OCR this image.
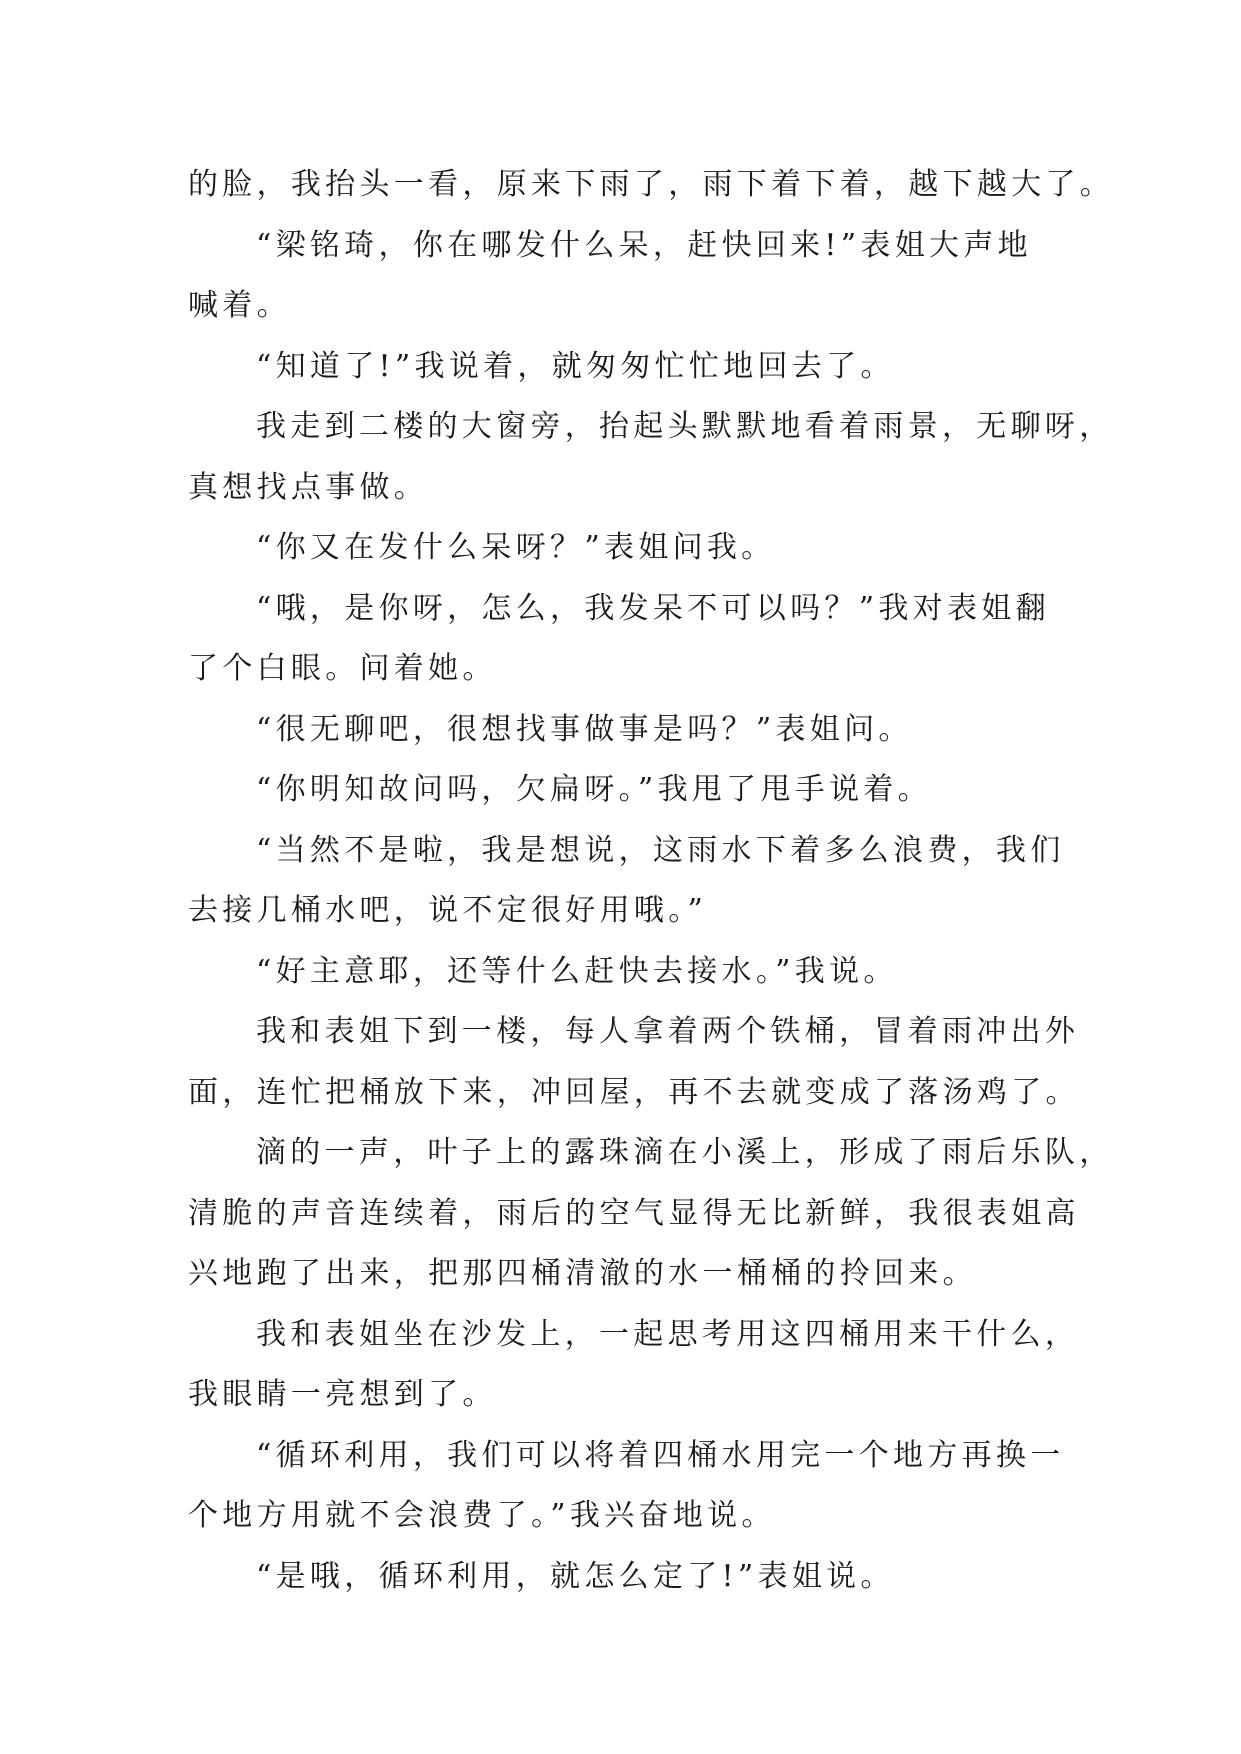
的脸，我抬头一看，原来下雨了，雨下着下着，越下越大了。
“梁铭琦，你在哪发什么呆，赶快回来!”表姐大声地
喊着。
“知道了!”我说着，就匆匆忙忙地回去了。
我走到二楼的大窗旁，抬起头默默地看着雨景，无聊呀，
真想找点事做。
“你又在发什么呆呀？”表姐问我。
“哦，是你呀，怎么，我发呆不可以吗？”我对表姐翻
了个白眼。问着她。
“很无聊吧，很想找事做事是吗？”表姐问。
“你明知故问吗，欠扁呀。”我甩了甩手说着。
“当然不是啦，我是想说，这雨水下着多么浪费，我们
去接几桶水吧，说不定很好用哦。”
“好主意耶，还等什么赶快去接水。”我说。
我和表姐下到一楼，每人拿着两个铁桶，冒着雨冲出外
面，连忙把桶放下来，冲回屋，再不去就变成了落汤鸡了。
滴的一声，叶子上的露珠滴在小溪上，形成了雨后乐队，
清脆的声音连续着，雨后的空气显得无比新鲜，我很表姐高
兴地跑了出来，把那四桶清澈的水一桶桶的拎回来。
我和表姐坐在沙发上，一起思考用这四桶用来干什么，
我眼睛一亮想到了。
“循环利用，我们可以将着四桶水用完一个地方再换一
个地方用就不会浪费了。”我兴奋地说。
“是哦，循环利用，就怎么定了!”表姐说。
